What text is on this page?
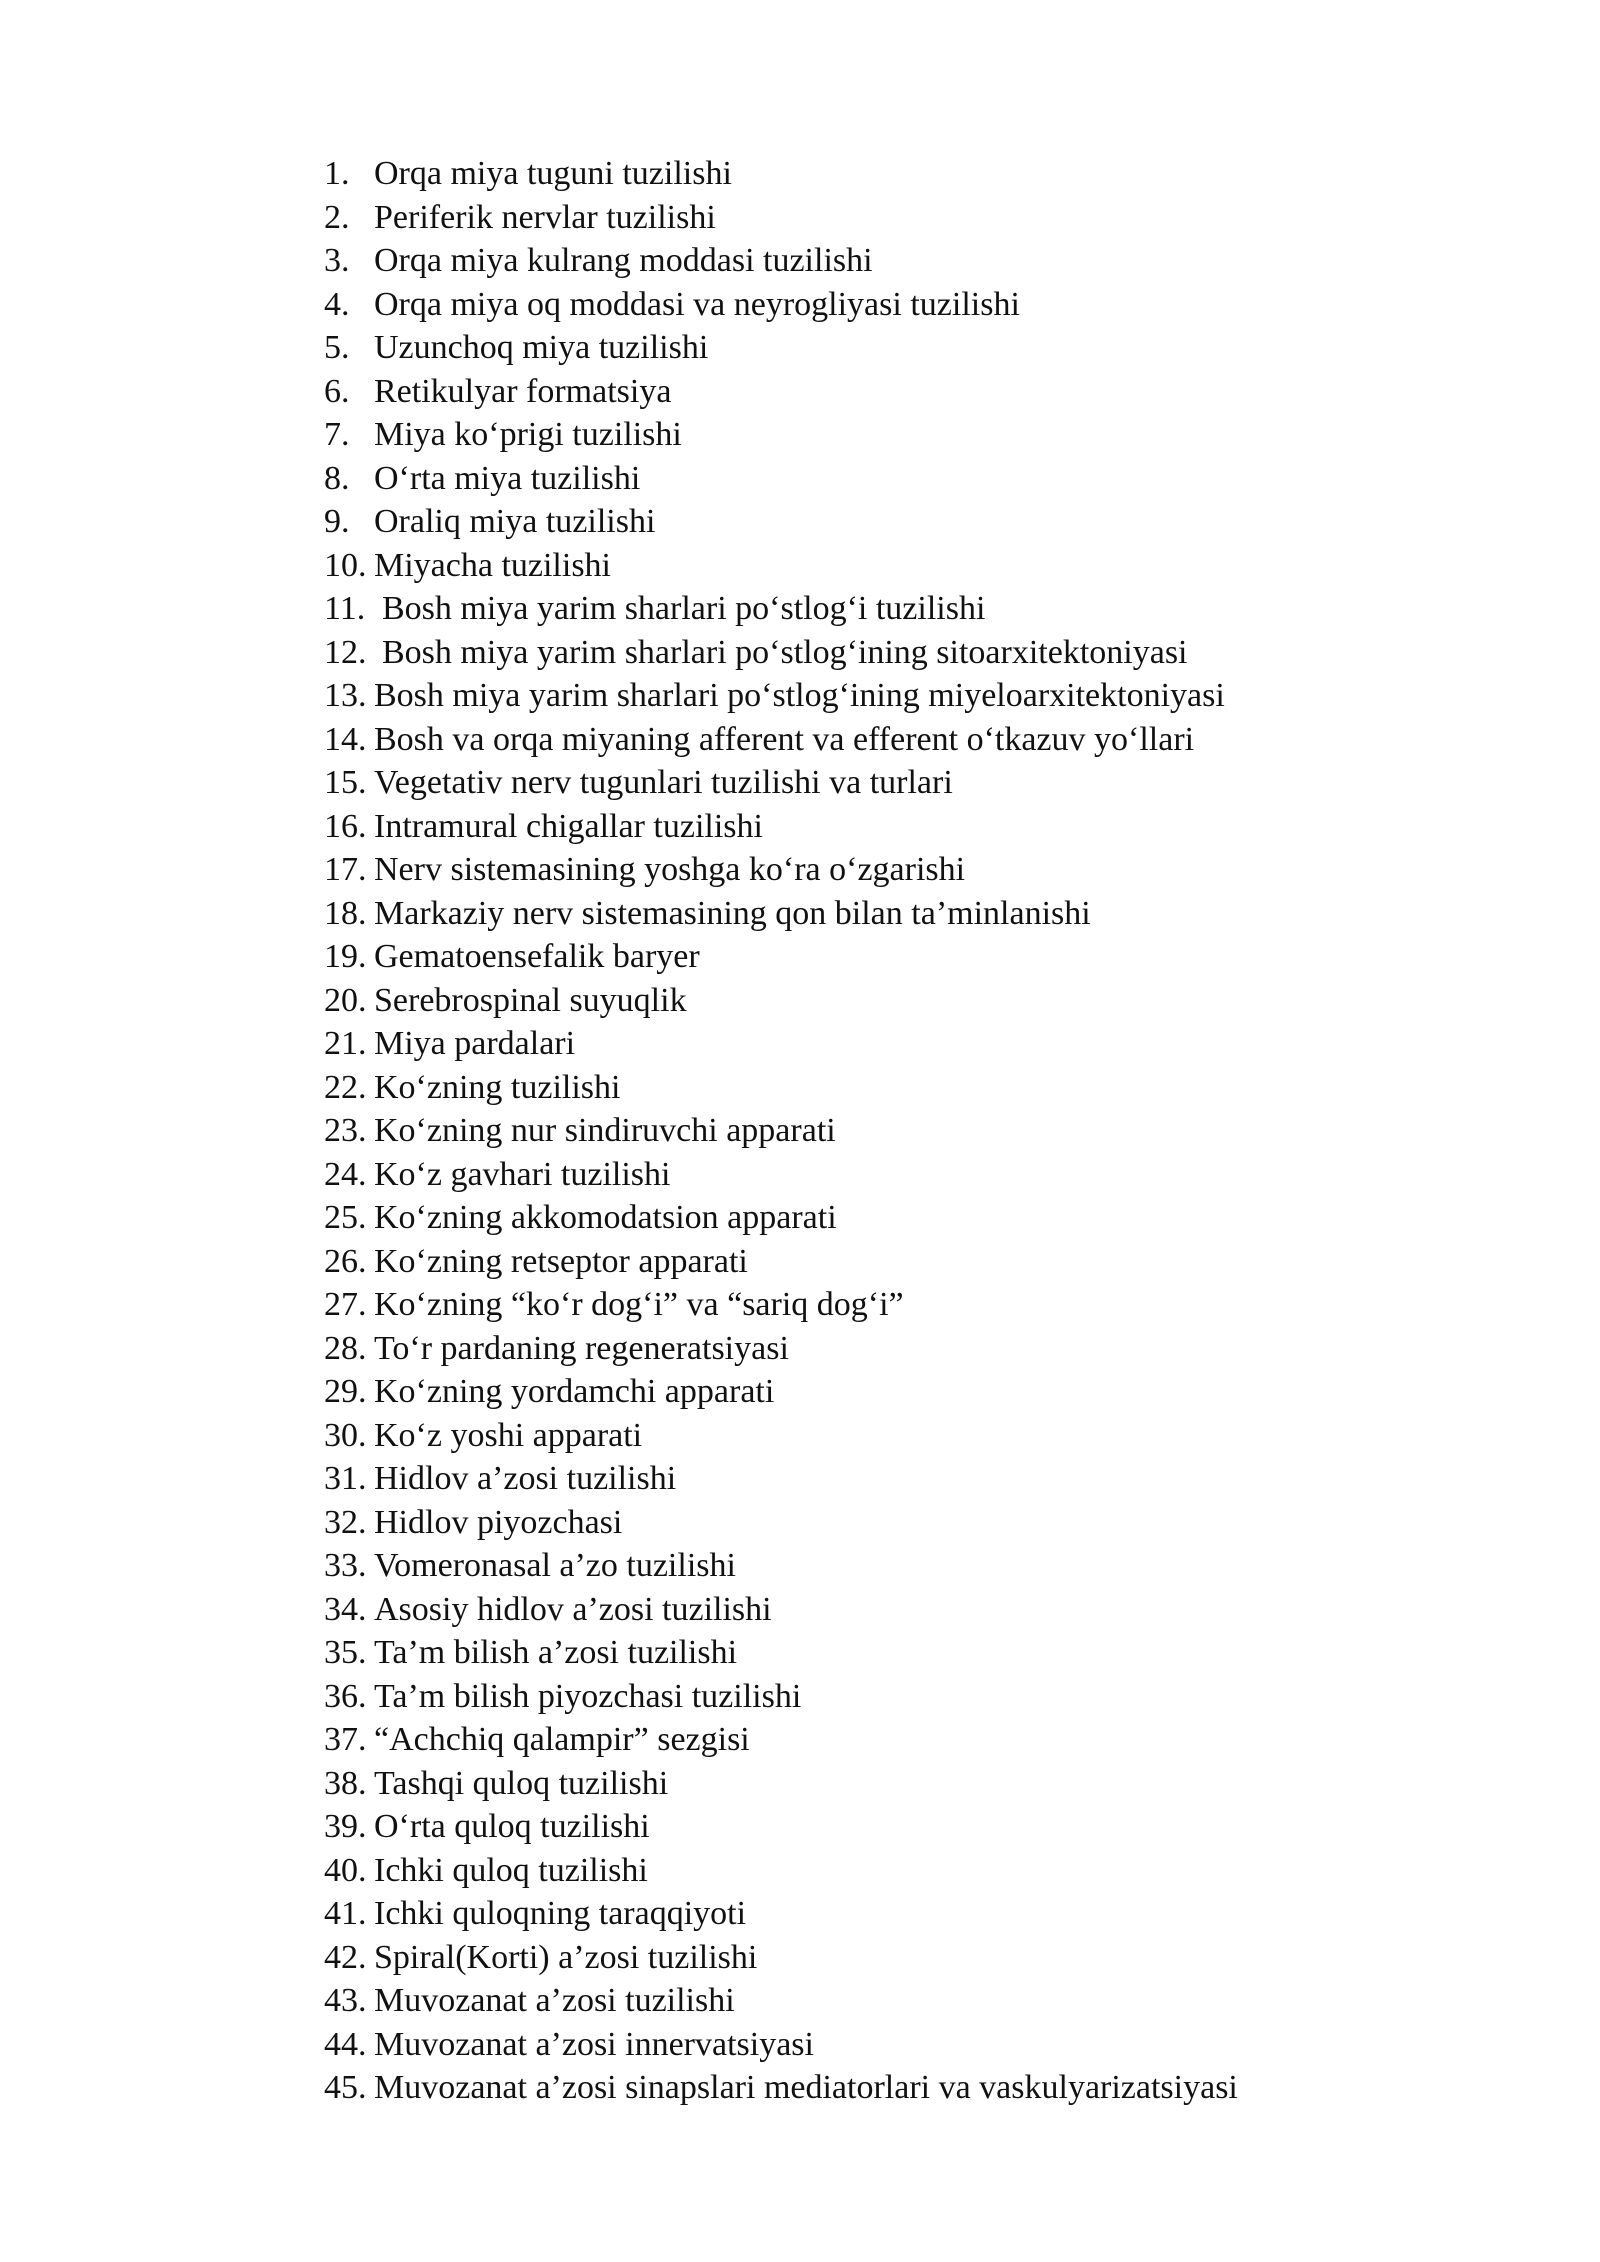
1. Orqa miya tuguni tuzilishi
2. Periferik nervlar tuzilishi
3. Orqa miya kulrang moddasi tuzilishi
4. Orqa miya oq moddasi va neyrogliyasi tuzilishi
5. Uzunchoq miya tuzilishi
6. Retikulyar formatsiya
7. Miya ko‘prigi tuzilishi
8. O‘rta miya tuzilishi
9. Oraliq miya tuzilishi
10. Miyacha tuzilishi
11. Bosh miya yarim sharlari po‘stlog‘i tuzilishi
12. Bosh miya yarim sharlari po‘stlog‘ining sitoarxitektoniyasi
13. Bosh miya yarim sharlari po‘stlog‘ining miyeloarxitektoniyasi
14. Bosh va orqa miyaning afferent va efferent o‘tkazuv yo‘llari
15. Vegetativ nerv tugunlari tuzilishi va turlari
16. Intramural chigallar tuzilishi
17. Nerv sistemasining yoshga ko‘ra o‘zgarishi
18. Markaziy nerv sistemasining qon bilan ta’minlanishi
19. Gematoensefalik baryer
20. Serebrospinal suyuqlik
21. Miya pardalari
22. Ko‘zning tuzilishi
23. Ko‘zning nur sindiruvchi apparati
24. Ko‘z gavhari tuzilishi
25. Ko‘zning akkomodatsion apparati
26. Ko‘zning retseptor apparati
27. Ko‘zning “ko‘r dog‘i” va “sariq dog‘i”
28. To‘r pardaning regeneratsiyasi
29. Ko‘zning yordamchi apparati
30. Ko‘z yoshi apparati
31. Hidlov a’zosi tuzilishi
32. Hidlov piyozchasi
33. Vomeronasal a’zo tuzilishi
34. Asosiy hidlov a’zosi tuzilishi
35. Ta’m bilish a’zosi tuzilishi
36. Ta’m bilish piyozchasi tuzilishi
37. “Achchiq qalampir” sezgisi
38. Tashqi quloq tuzilishi
39. O‘rta quloq tuzilishi
40. Ichki quloq tuzilishi
41. Ichki quloqning taraqqiyoti
42. Spiral(Korti) a’zosi tuzilishi
43. Muvozanat a’zosi tuzilishi
44. Muvozanat a’zosi innervatsiyasi
45. Muvozanat a’zosi sinapslari mediatorlari va vaskulyarizatsiyasi
